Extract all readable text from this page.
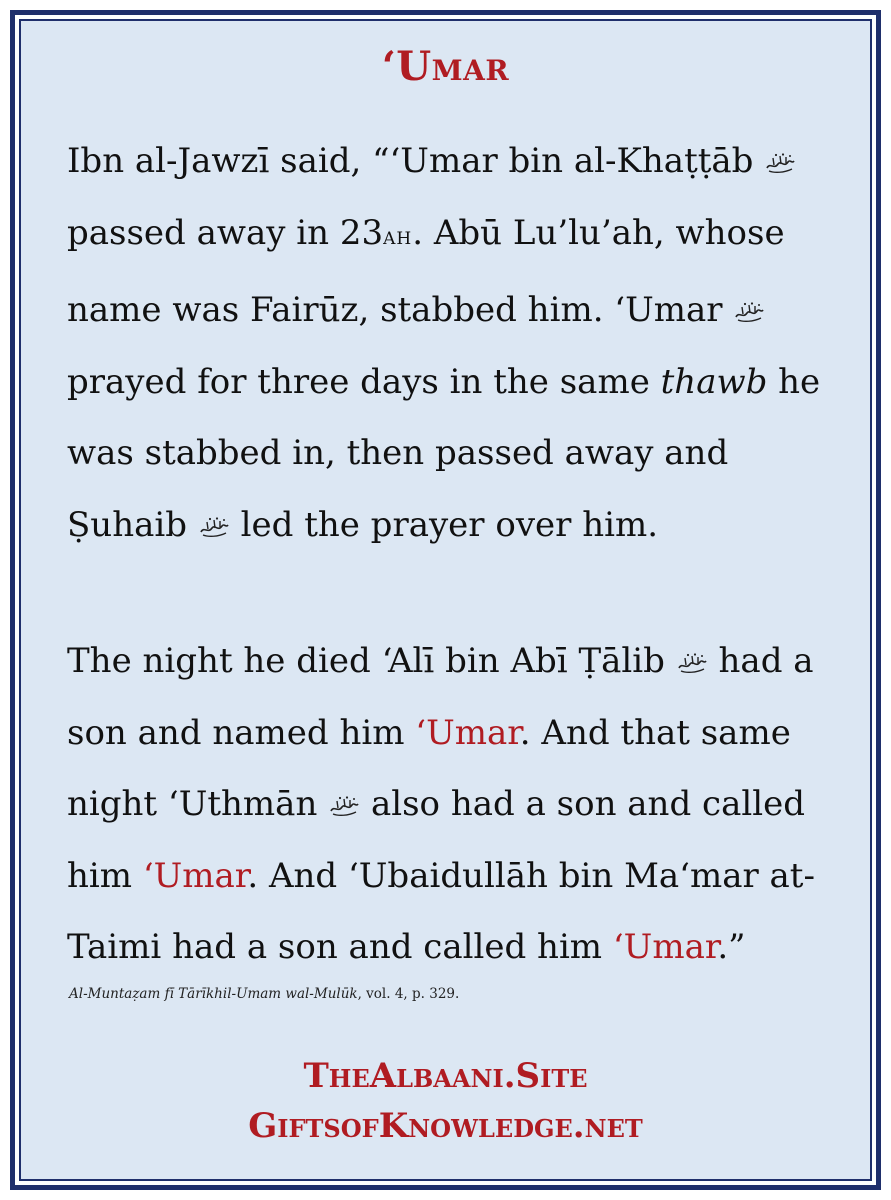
‘Umar

Ibn al-Jawzī said, “‘Umar bin al-Khaṭṭāb  passed away in 23AH. Abū Lu’lu’ah, whose name was Fairūz, stabbed him. ‘Umar  prayed for three days in the same thawb he was stabbed in, then passed away and Ṣuhaib led the prayer over him.

The night he died ‘Alī bin Abī Ṭālib had a son and named him ‘Umar. And that same night ‘Uthmān also had a son and called him ‘Umar. And ‘Ubaidullāh bin Ma‘mar at-Taimi had a son and called him ‘Umar.”

Al-Muntaẓam fī Tārīkhil-Umam wal-Mulūk, vol. 4, p. 329.

TheAlbaani.Site

GiftsofKnowledge.net
